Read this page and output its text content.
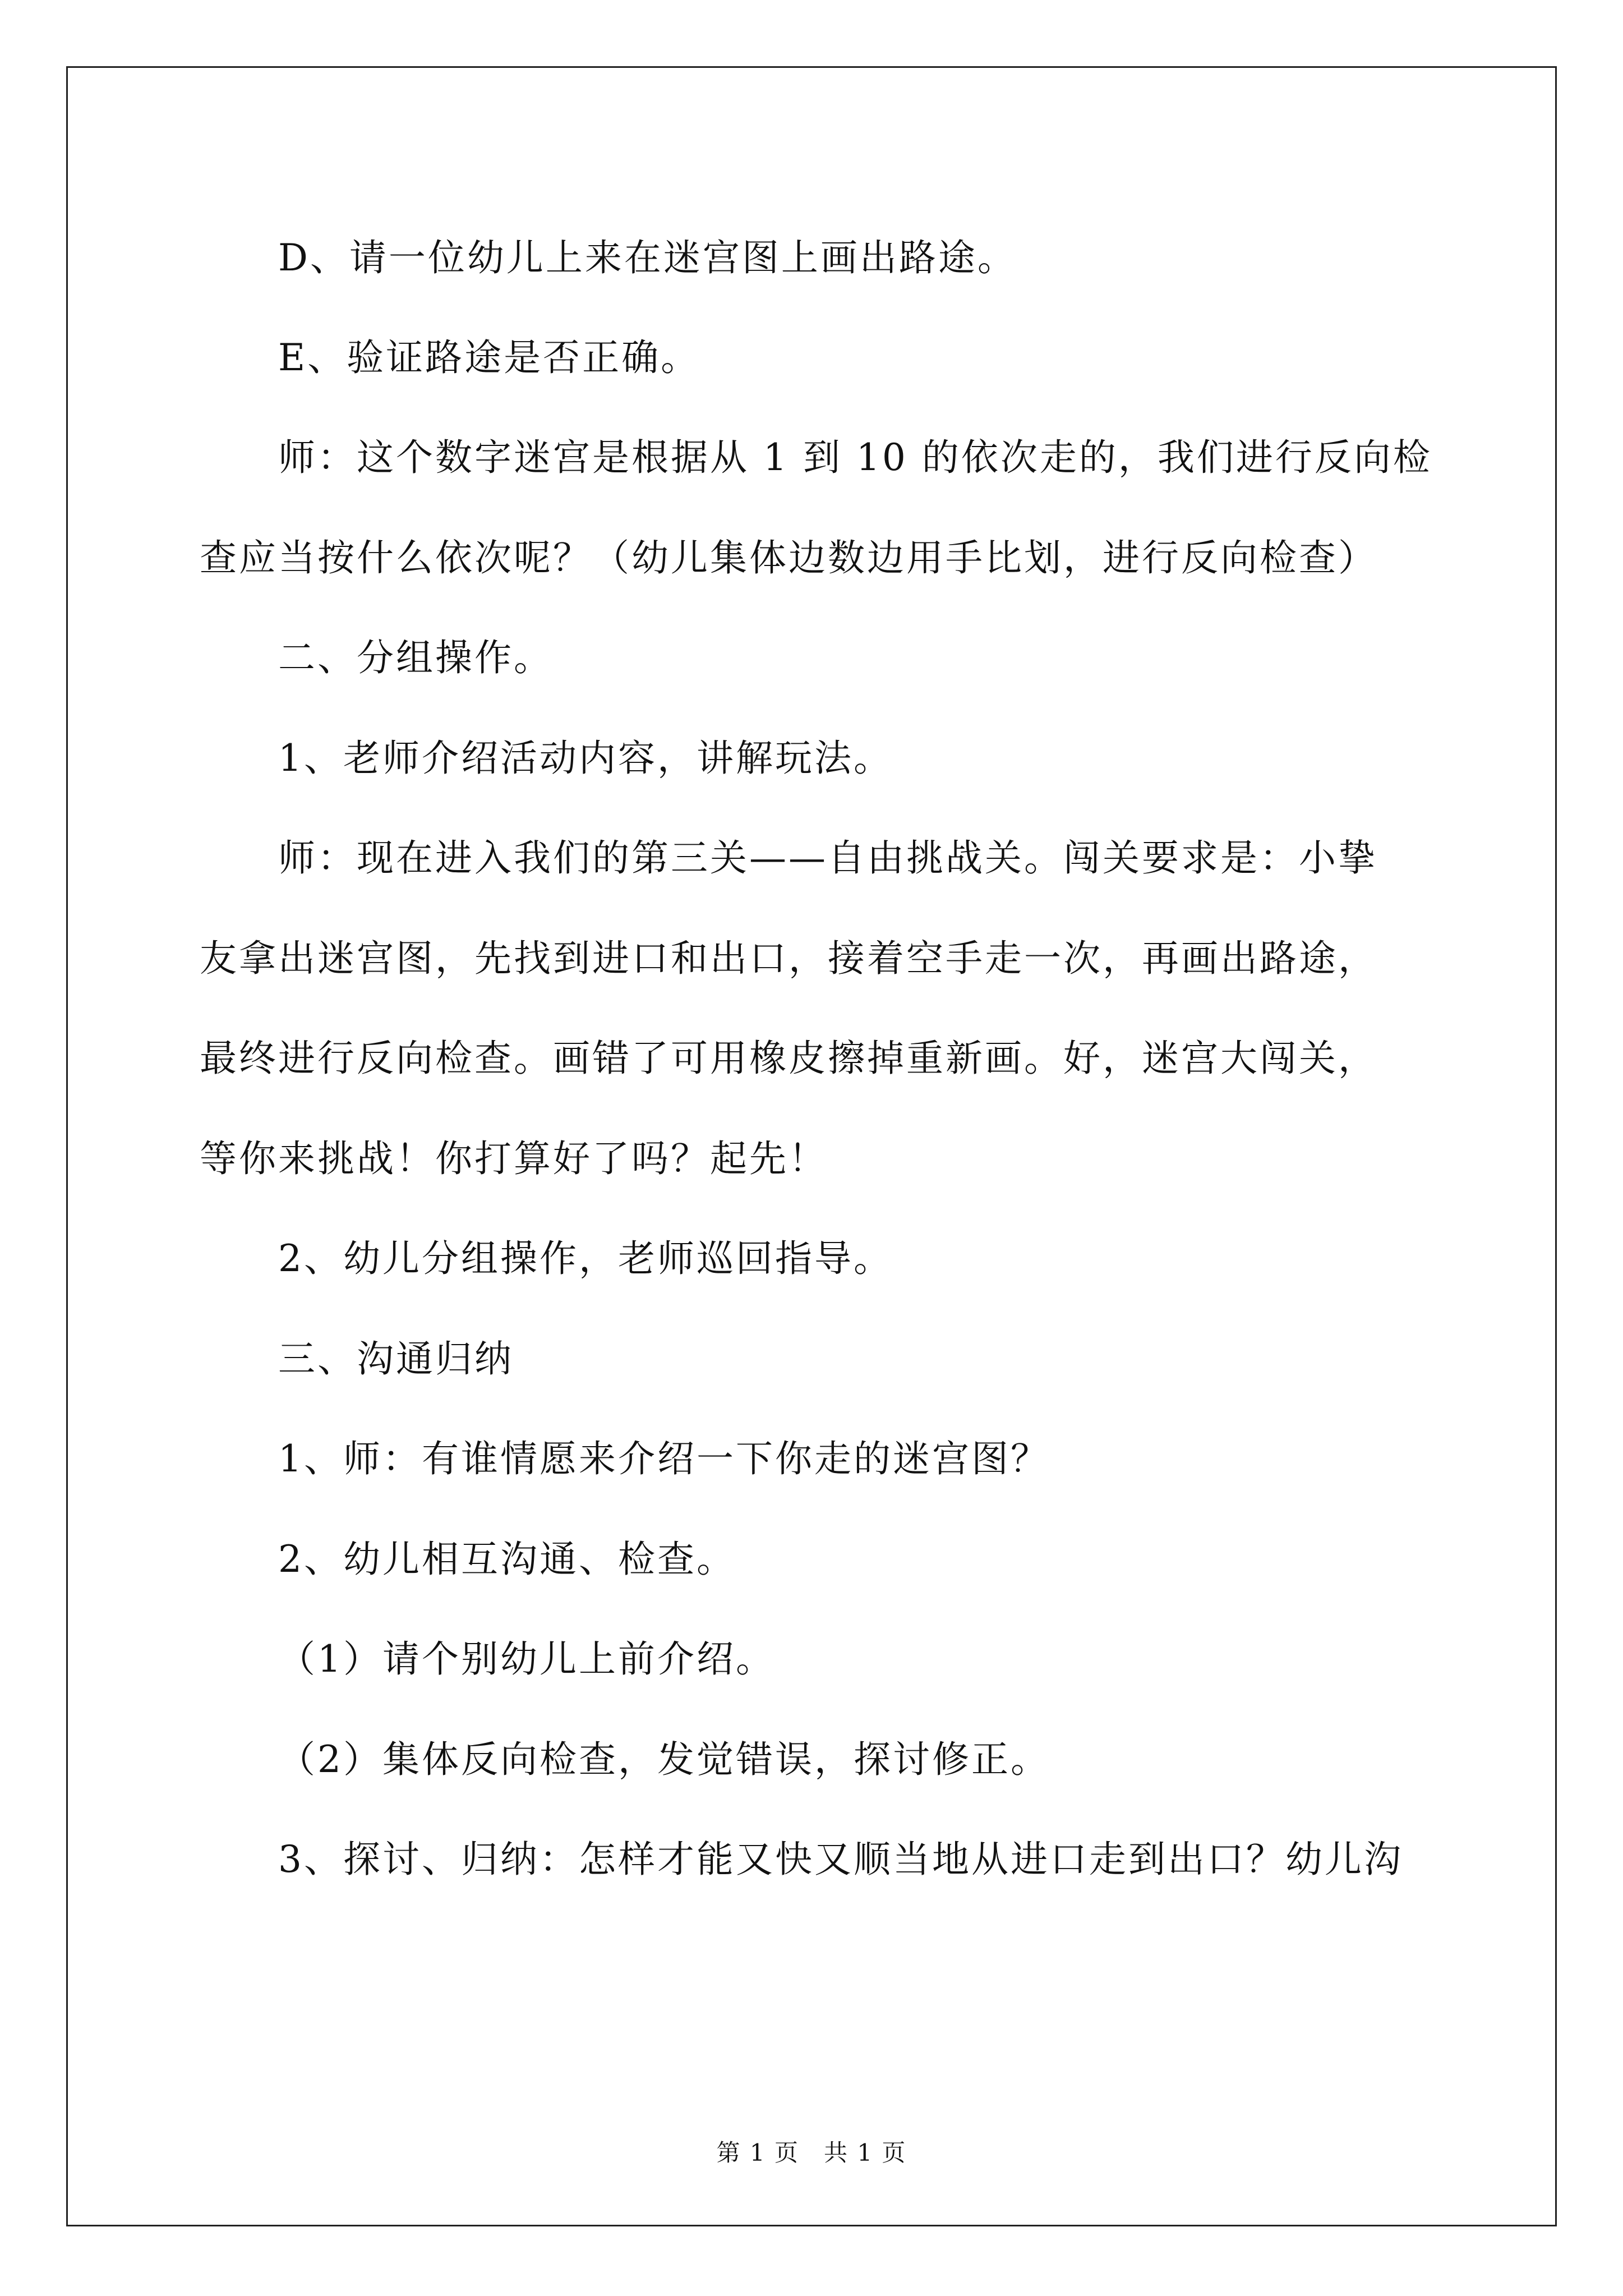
D、请一位幼儿上来在迷宫图上画出路途。
E、验证路途是否正确。
师：这个数字迷宫是根据从 1 到 10 的依次走的，我们进行反向检
查应当按什么依次呢？（幼儿集体边数边用手比划，进行反向检查）
二、分组操作。
1、老师介绍活动内容，讲解玩法。
师：现在进入我们的第三关——自由挑战关。闯关要求是：小挚
友拿出迷宫图，先找到进口和出口，接着空手走一次，再画出路途，
最终进行反向检查。画错了可用橡皮擦掉重新画。好，迷宫大闯关，
等你来挑战！你打算好了吗？起先！
2、幼儿分组操作，老师巡回指导。
三、沟通归纳
1、师：有谁情愿来介绍一下你走的迷宫图？
2、幼儿相互沟通、检查。
（1）请个别幼儿上前介绍。
（2）集体反向检查，发觉错误，探讨修正。
3、探讨、归纳：怎样才能又快又顺当地从进口走到出口？幼儿沟
第 1 页　共 1 页
